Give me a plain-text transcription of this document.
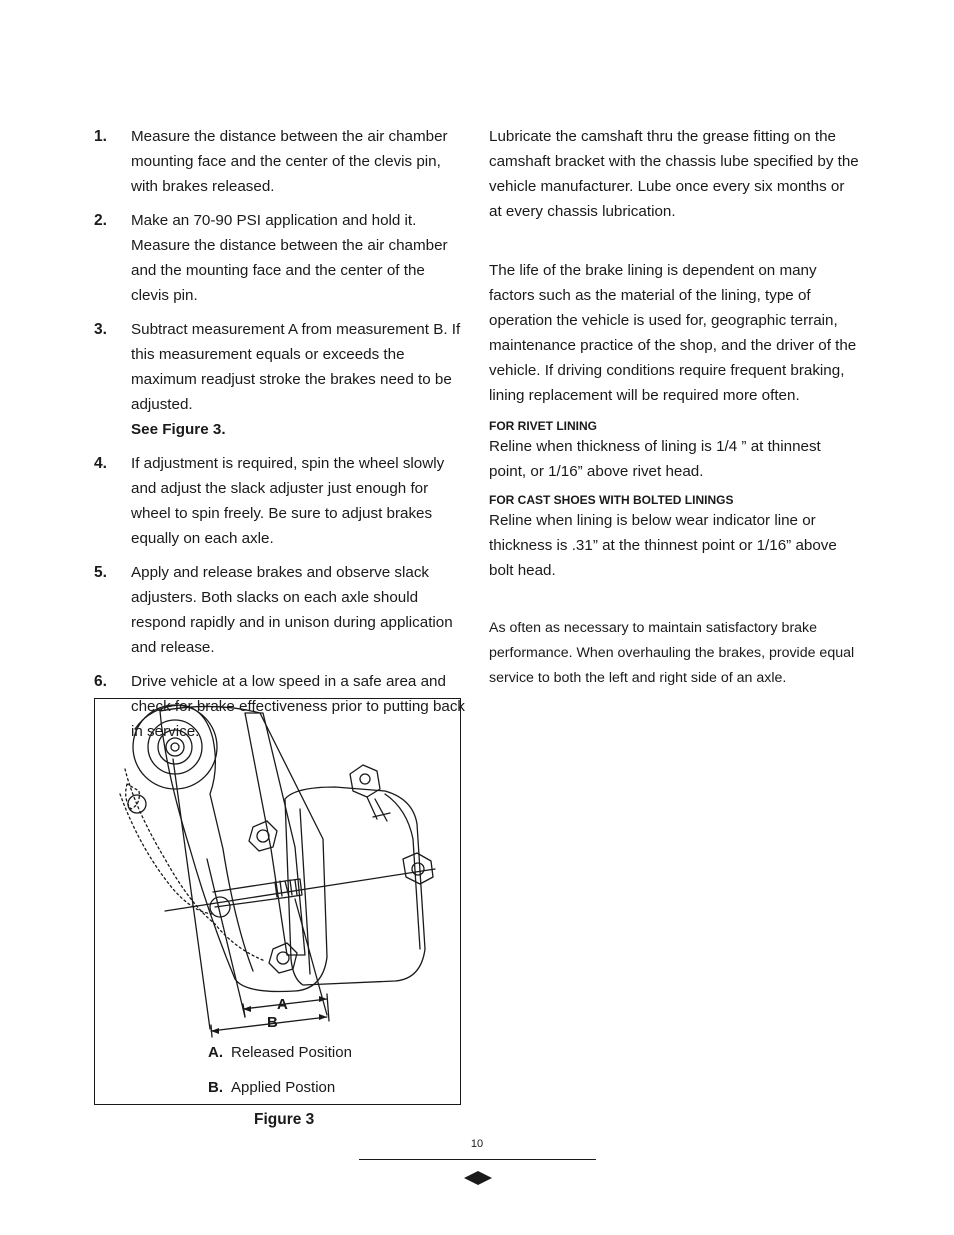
1. Measure the distance between the air chamber mounting face and the center of the clevis pin, with brakes released.
2. Make an 70-90 PSI application and hold it. Measure the distance between the air chamber and the mounting face and the center of the clevis pin.
3. Subtract measurement A from measurement B. If this measurement equals or exceeds the maximum readjust stroke the brakes need to be adjusted.
See Figure 3.
4. If adjustment is required, spin the wheel slowly and adjust the slack adjuster just enough for wheel to spin freely. Be sure to adjust brakes equally on each axle.
5. Apply and release brakes and observe slack adjusters. Both slacks on each axle should respond rapidly and in unison during application and release.
6. Drive vehicle at a low speed in a safe area and check for brake effectiveness prior to putting back in service.

Lubricate the camshaft thru the grease fitting on the camshaft bracket with the chassis lube specified by the vehicle manufacturer. Lube once every six months or at every chassis lubrication.

The life of the brake lining is dependent on many factors such as the material of the lining, type of operation the vehicle is used for, geographic terrain, maintenance practice of the shop, and the driver of the vehicle. If driving conditions require frequent braking, lining replacement will be required more often.

FOR RIVET LINING

Reline when thickness of lining is 1/4 ” at thinnest point, or 1/16” above rivet head.

FOR CAST SHOES WITH BOLTED LININGS

Reline when lining is below wear indicator line or thickness is .31” at the thinnest point or 1/16” above bolt head.

As often as necessary to maintain satisfactory brake performance. When overhauling the brakes, provide equal service to both the left and right side of an axle.

A
B
A. Released Position
B. Applied Postion
Figure 3
10
